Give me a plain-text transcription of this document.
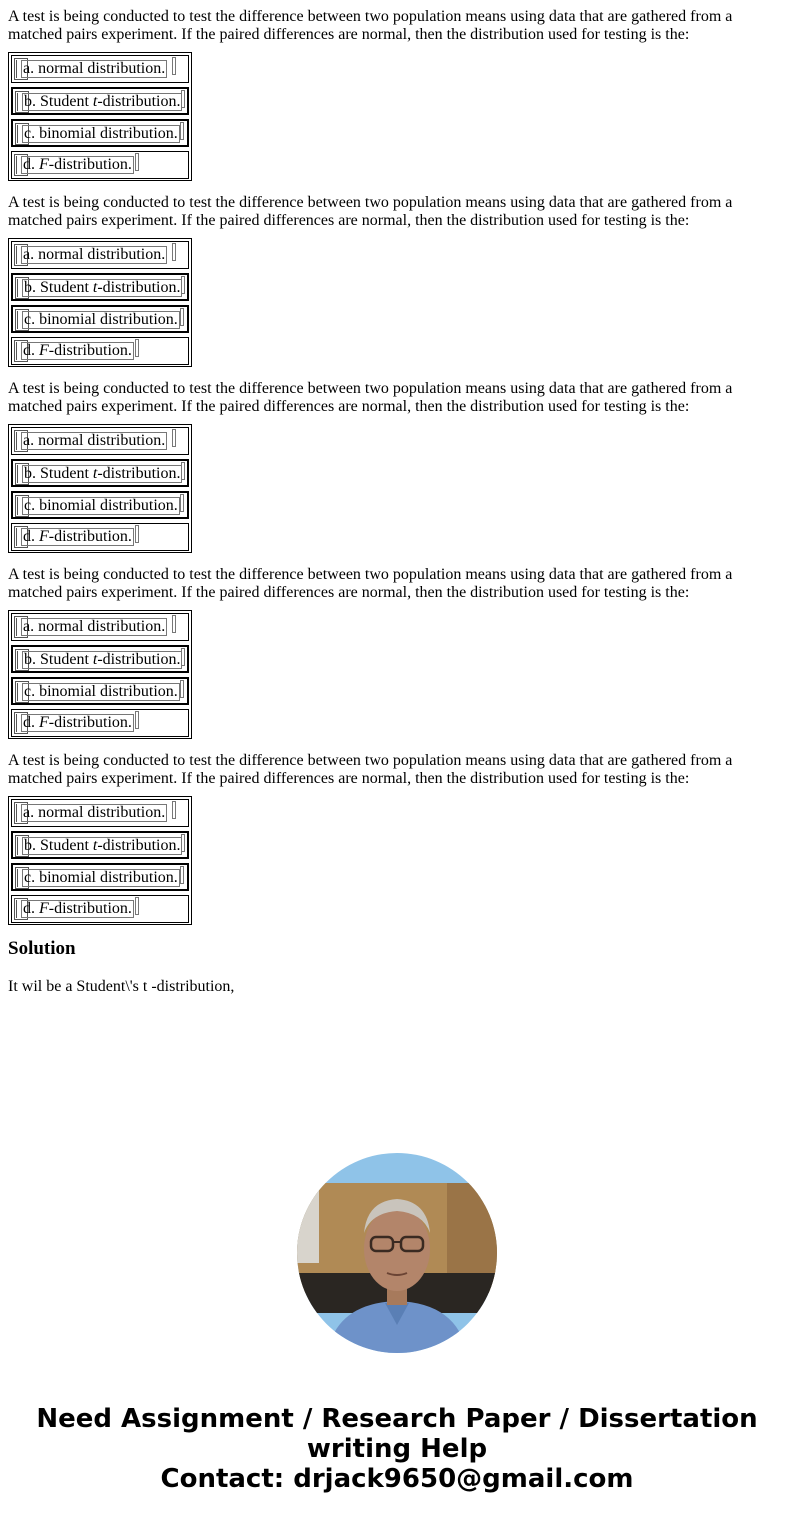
A test is being conducted to test the difference between two population means using data that are gathered from a matched pairs experiment. If the paired differences are normal, then the distribution used for testing is the:

a. normal distribution.
b. Student t-distribution.
c. binomial distribution.
d. F-distribution.

A test is being conducted to test the difference between two population means using data that are gathered from a matched pairs experiment. If the paired differences are normal, then the distribution used for testing is the:

a. normal distribution.
b. Student t-distribution.
c. binomial distribution.
d. F-distribution.

A test is being conducted to test the difference between two population means using data that are gathered from a matched pairs experiment. If the paired differences are normal, then the distribution used for testing is the:

a. normal distribution.
b. Student t-distribution.
c. binomial distribution.
d. F-distribution.

A test is being conducted to test the difference between two population means using data that are gathered from a matched pairs experiment. If the paired differences are normal, then the distribution used for testing is the:

a. normal distribution.
b. Student t-distribution.
c. binomial distribution.
d. F-distribution.

A test is being conducted to test the difference between two population means using data that are gathered from a matched pairs experiment. If the paired differences are normal, then the distribution used for testing is the:

a. normal distribution.
b. Student t-distribution.
c. binomial distribution.
d. F-distribution.
Solution

It wil be a Student\'s t -distribution,

Need Assignment / Research Paper / Dissertation
writing Help
Contact: drjack9650@gmail.com
